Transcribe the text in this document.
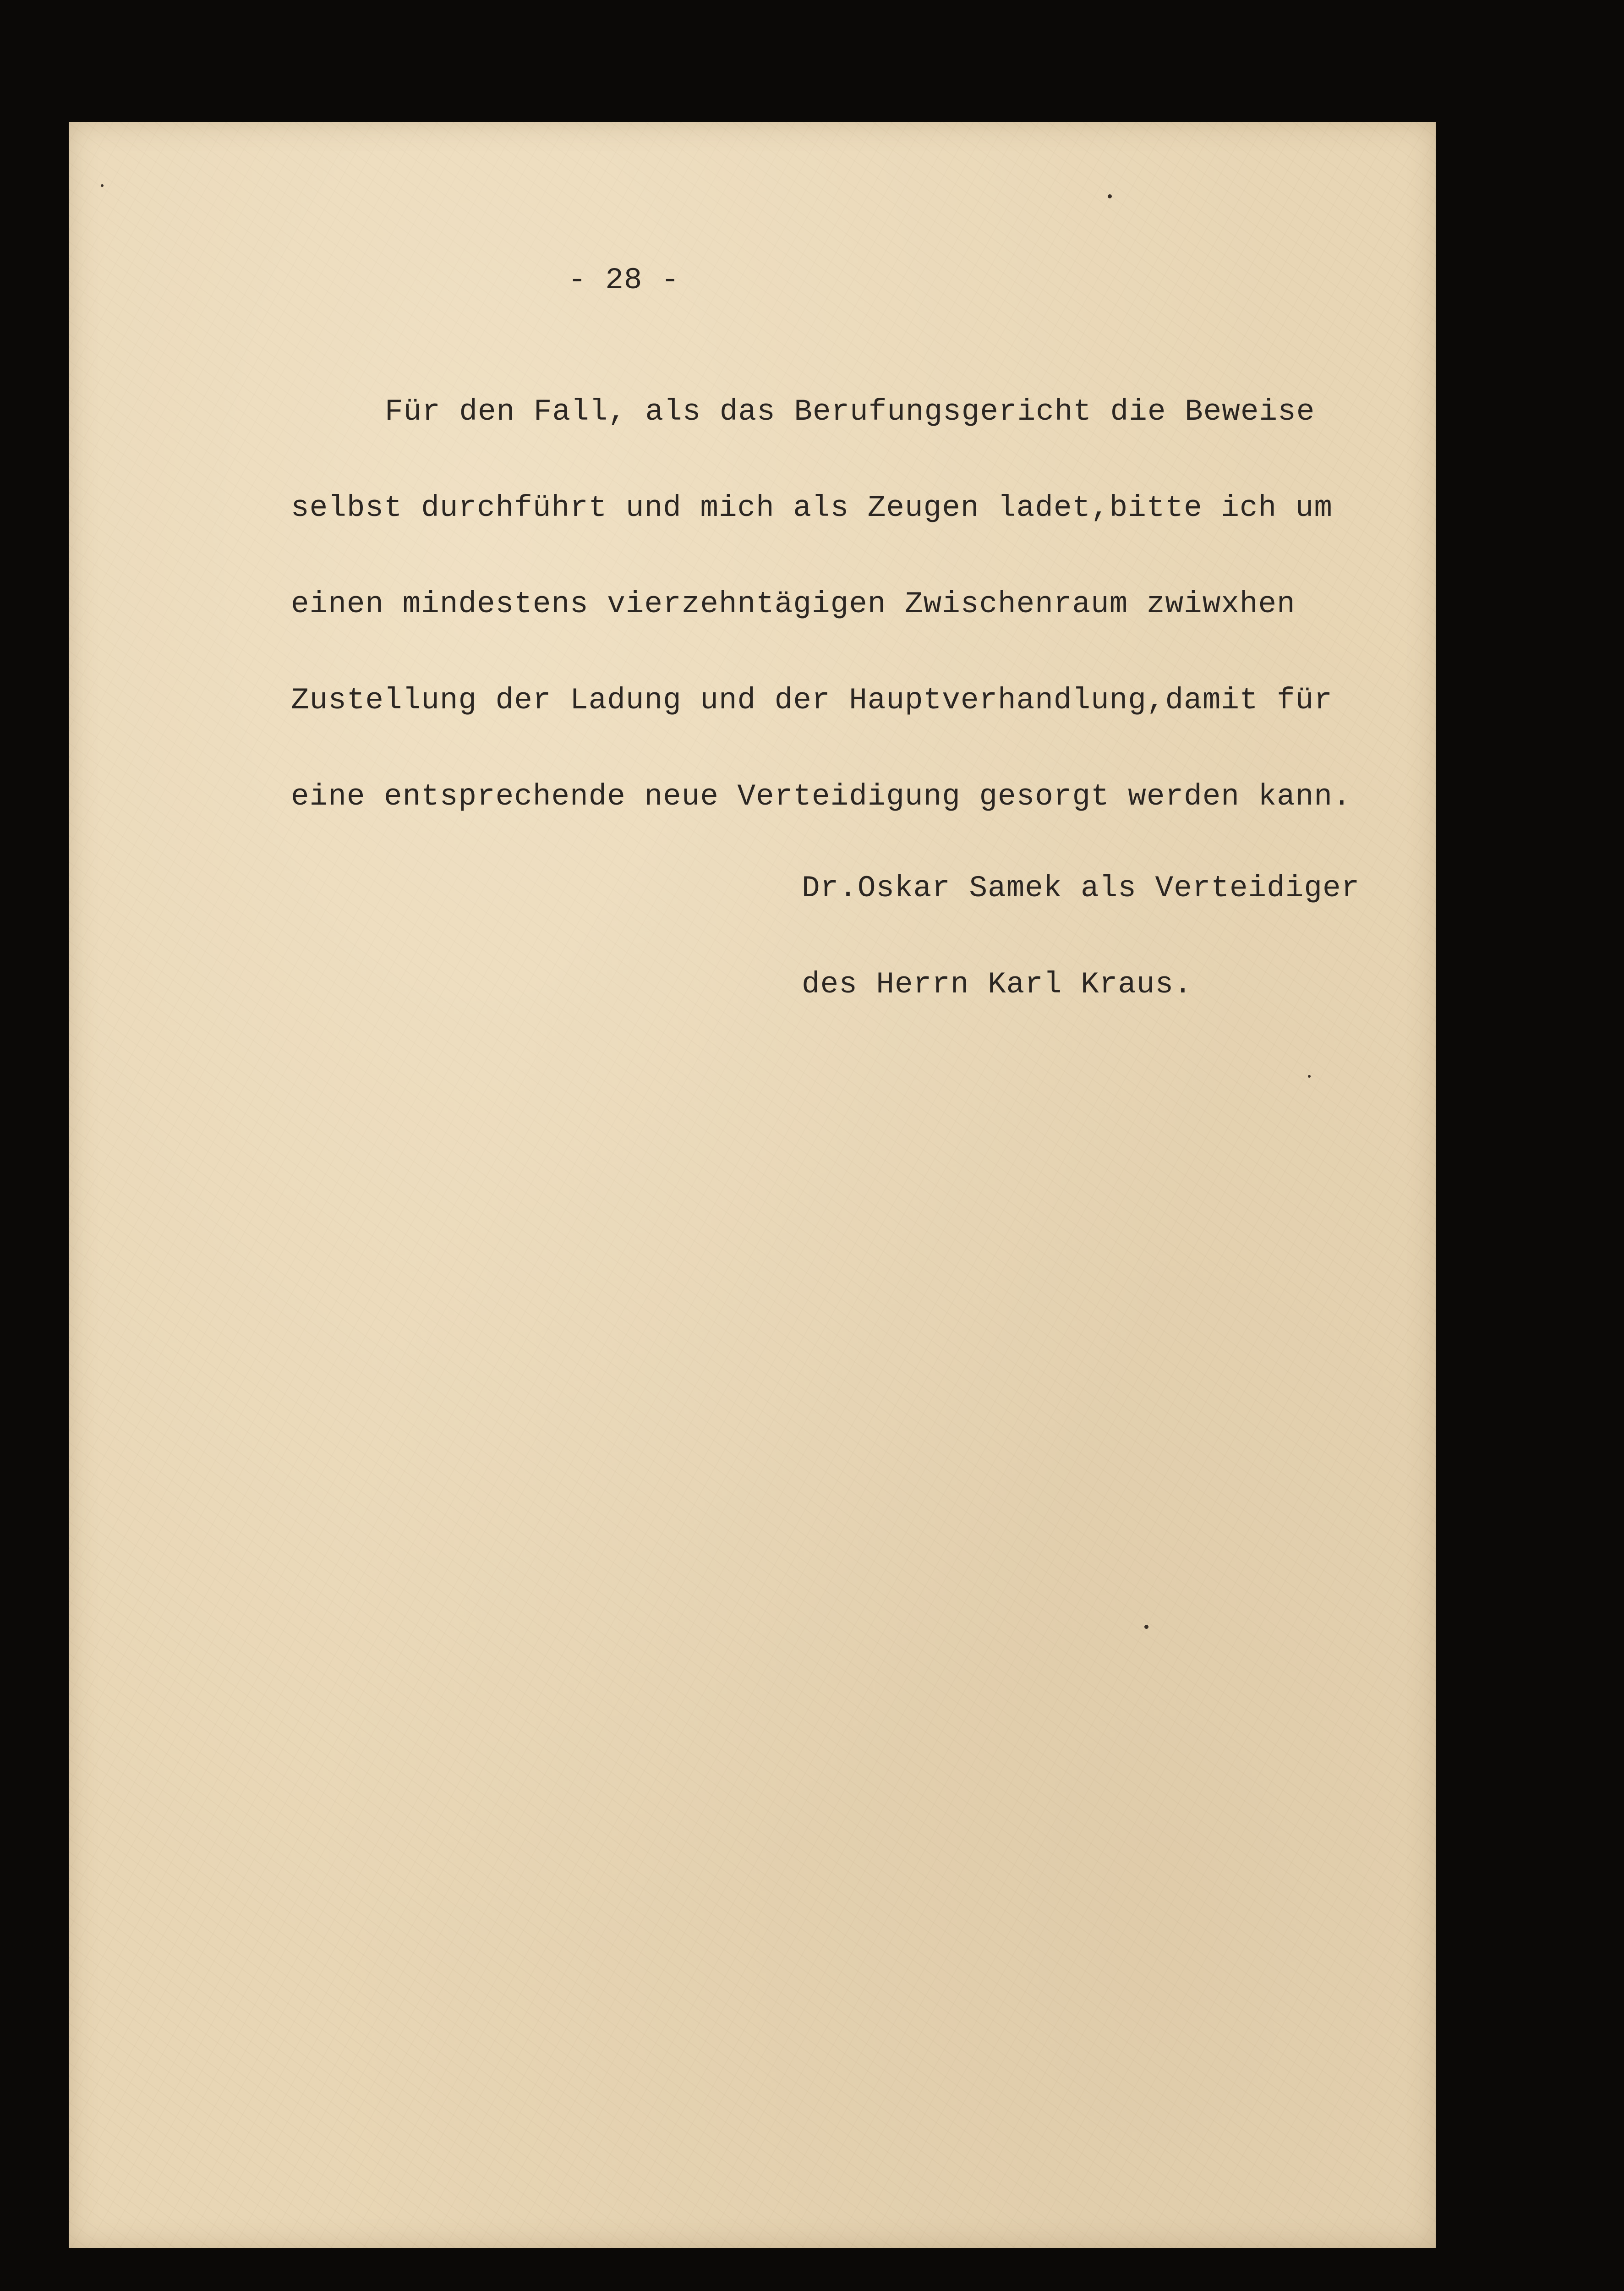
- 28 -

Für den Fall, als das Berufungsgericht die Beweise

selbst durchführt und mich als Zeugen ladet,bitte ich um

einen mindestens vierzehntägigen Zwischenraum zwiwxhen

Zustellung der Ladung und der Hauptverhandlung,damit für

eine entsprechende neue Verteidigung gesorgt werden kann.

Dr.Oskar Samek als Verteidiger

des Herrn Karl Kraus.
